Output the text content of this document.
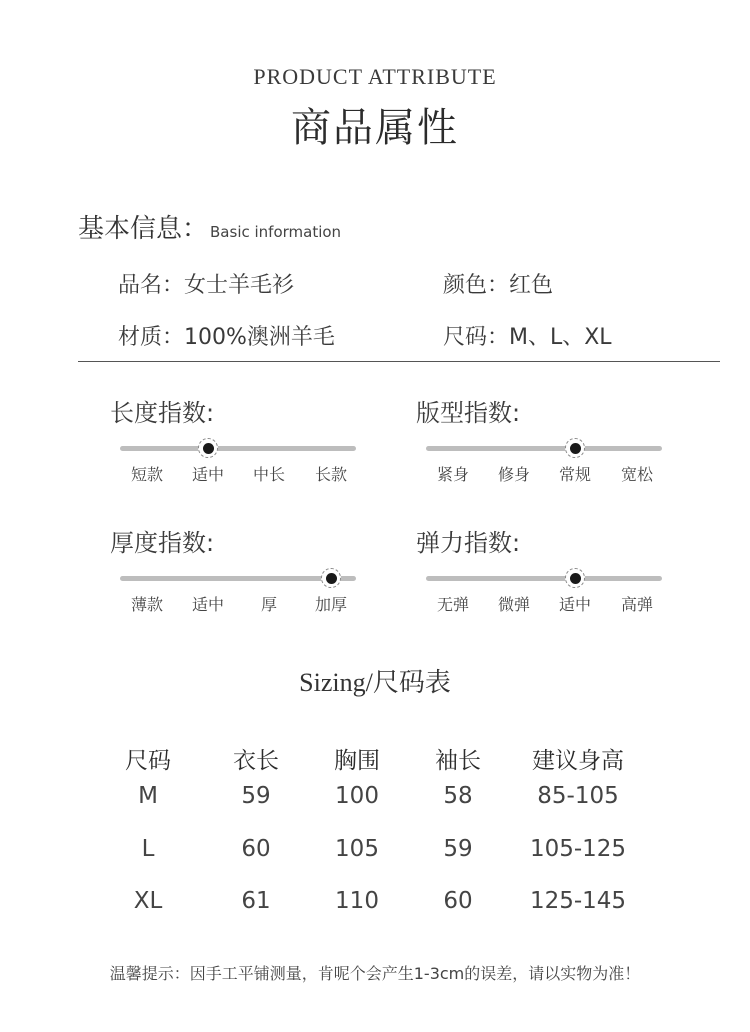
PRODUCT ATTRIBUTE
商品属性
基本信息： Basic information
品名：女士羊毛衫	颜色：红色
材质：100%澳洲羊毛	尺码：M、L、XL
长度指数:
短款	适中	中长	长款
版型指数:
紧身	修身	常规	宽松
厚度指数:
薄款	适中	厚	加厚
弹力指数:
无弹	微弹	适中	高弹
Sizing/尺码表
尺码	衣长	胸围	袖长	建议身高
M	59	100	58	85-105
L	60	105	59	105-125
XL	61	110	60	125-145
温馨提示：因手工平铺测量，肯呢个会产生1-3cm的误差，请以实物为准！
